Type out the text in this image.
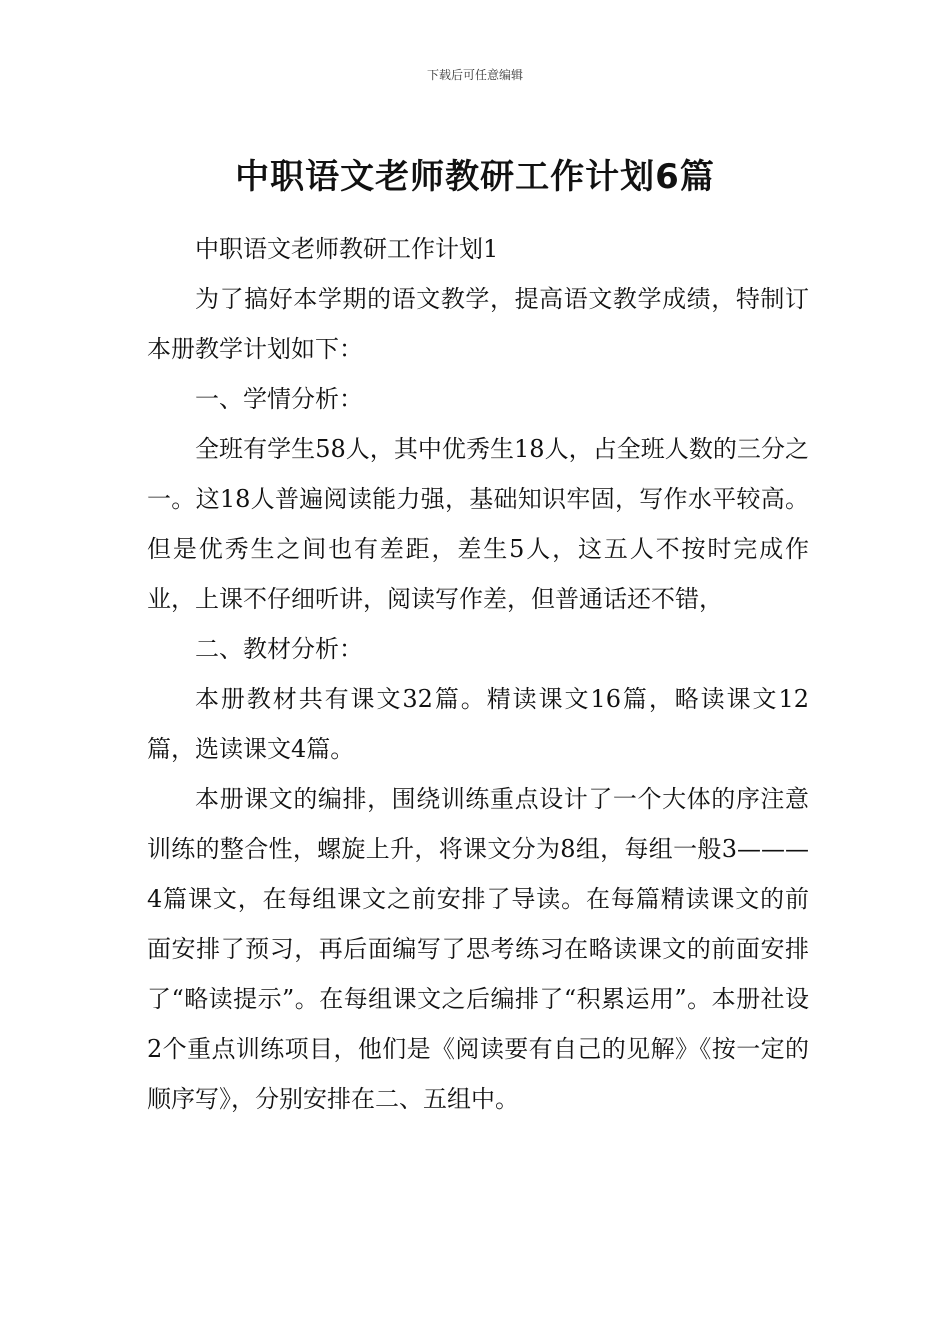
下载后可任意编辑
中职语文老师教研工作计划6篇

中职语文老师教研工作计划1

为了搞好本学期的语文教学，提高语文教学成绩，特制订本册教学计划如下：

一、学情分析：

全班有学生58人，其中优秀生18人，占全班人数的三分之一。这18人普遍阅读能力强，基础知识牢固，写作水平较高。但是优秀生之间也有差距，差生5人，这五人不按时完成作业，上课不仔细听讲，阅读写作差，但普通话还不错，

二、教材分析：

本册教材共有课文32篇。精读课文16篇，略读课文12篇，选读课文4篇。

本册课文的编排，围绕训练重点设计了一个大体的序注意训练的整合性，螺旋上升，将课文分为8组，每组一般3———4篇课文，在每组课文之前安排了导读。在每篇精读课文的前面安排了预习，再后面编写了思考练习在略读课文的前面安排了“略读提示”。在每组课文之后编排了“积累运用”。本册社设2个重点训练项目，他们是《阅读要有自己的见解》《按一定的顺序写》，分别安排在二、五组中。
